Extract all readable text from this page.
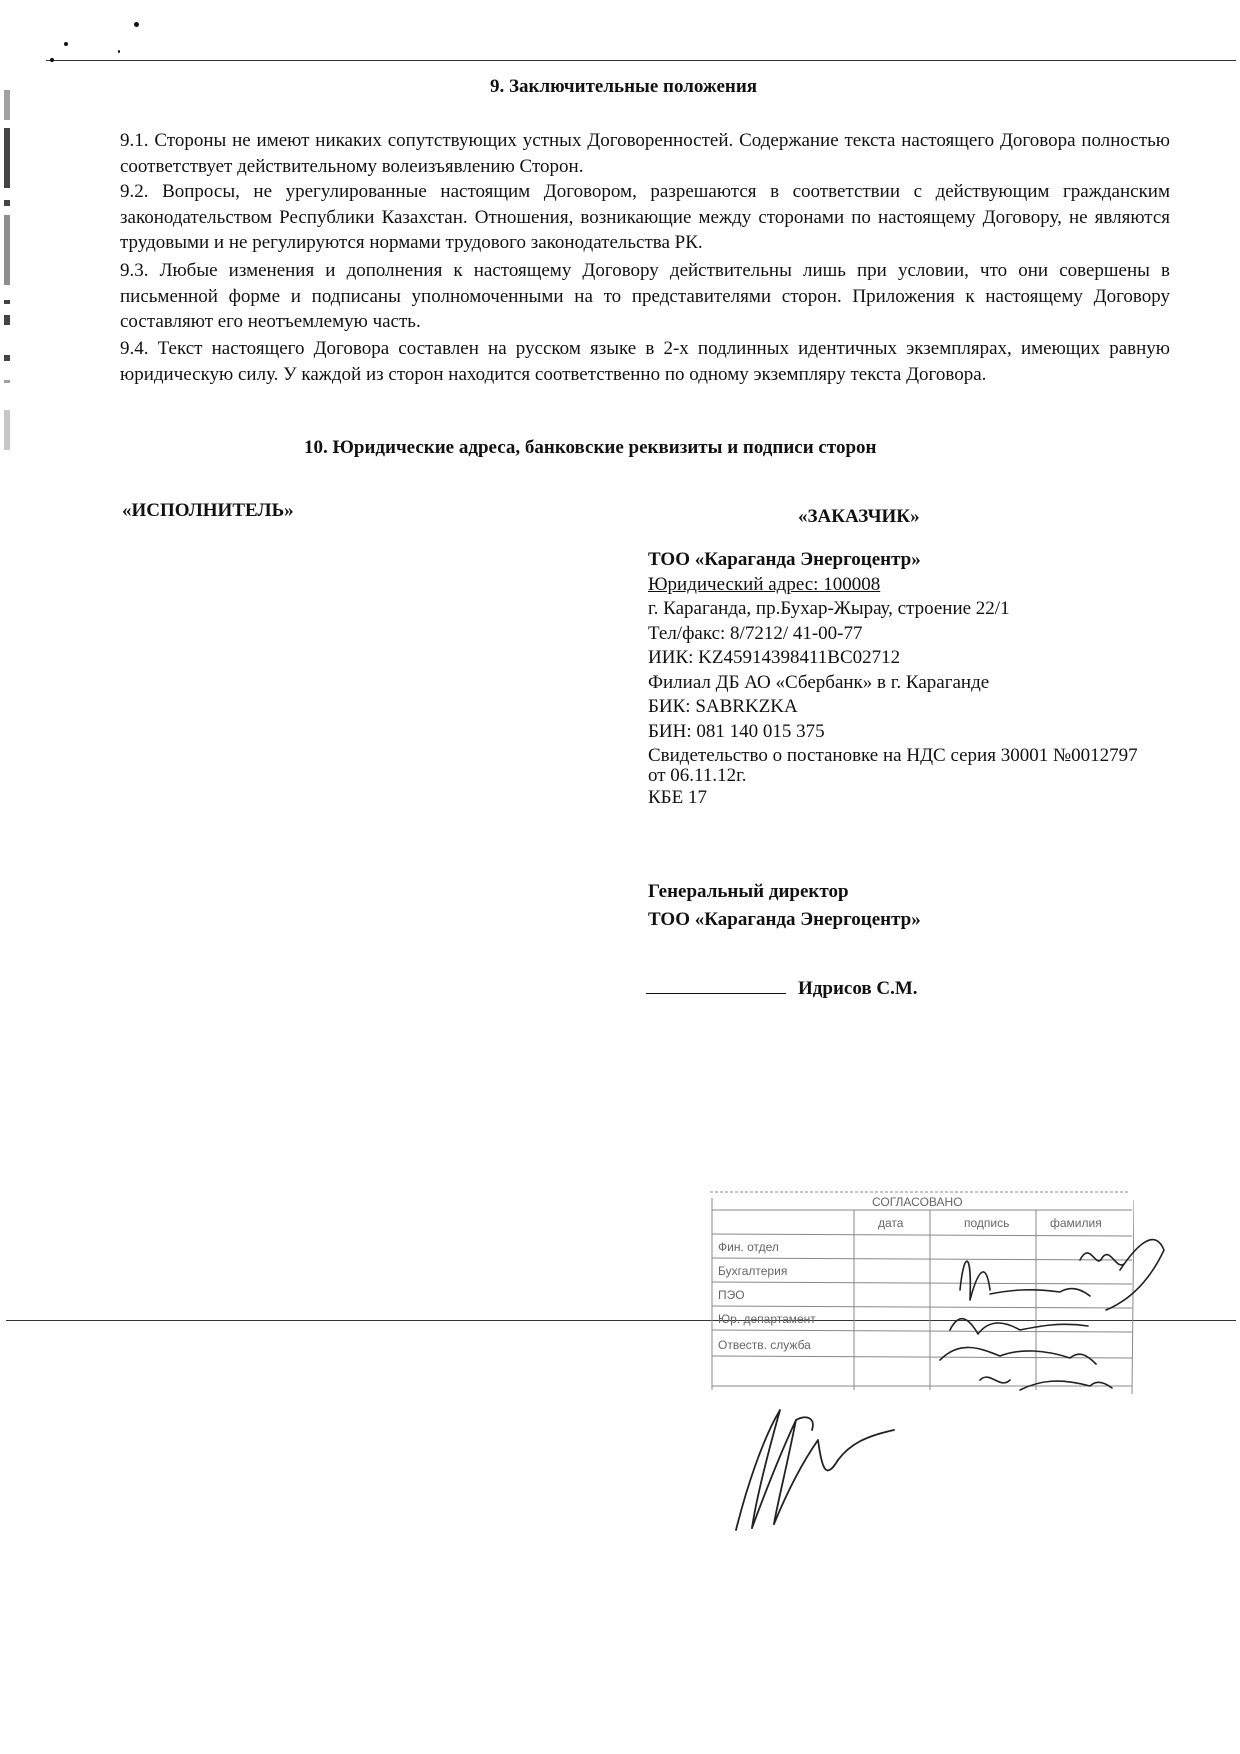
9. Заключительные положения
9.1. Стороны не имеют никаких сопутствующих устных Договоренностей. Содержание текста настоящего Договора полностью соответствует действительному волеизъявлению Сторон.
9.2. Вопросы, не урегулированные настоящим Договором, разрешаются в соответствии с действующим гражданским законодательством Республики Казахстан. Отношения, возникающие между сторонами по настоящему Договору, не являются трудовыми и не регулируются нормами трудового законодательства РК.
9.3. Любые изменения и дополнения к настоящему Договору действительны лишь при условии, что они совершены в письменной форме и подписаны уполномоченными на то представителями сторон. Приложения к настоящему Договору составляют его неотъемлемую часть.
9.4. Текст настоящего Договора составлен на русском языке в 2-х подлинных идентичных экземплярах, имеющих равную юридическую силу. У каждой из сторон находится соответственно по одному экземпляру текста Договора.
10. Юридические адреса, банковские реквизиты и подписи сторон
«ИСПОЛНИТЕЛЬ»	«ЗАКАЗЧИК»
ТОО «Караганда Энергоцентр»
Юридический адрес: 100008
г. Караганда, пр.Бухар-Жырау, строение 22/1
Тел/факс: 8/7212/ 41-00-77
ИИК: KZ45914398411BC02712
Филиал ДБ АО «Сбербанк» в г. Караганде
БИК: SABRKZKA
БИН: 081 140 015 375
Свидетельство о постановке на НДС серия 30001 №0012797 от 06.11.12г.
КБЕ 17
Генеральный директор
ТОО «Караганда Энергоцентр»
Идрисов С.М.
СОГЛАСОВАНО
дата	подпись	фамилия
Фин. отдел
Бухгалтерия
ПЭО
Юр. департамент
Отвеств. служба
